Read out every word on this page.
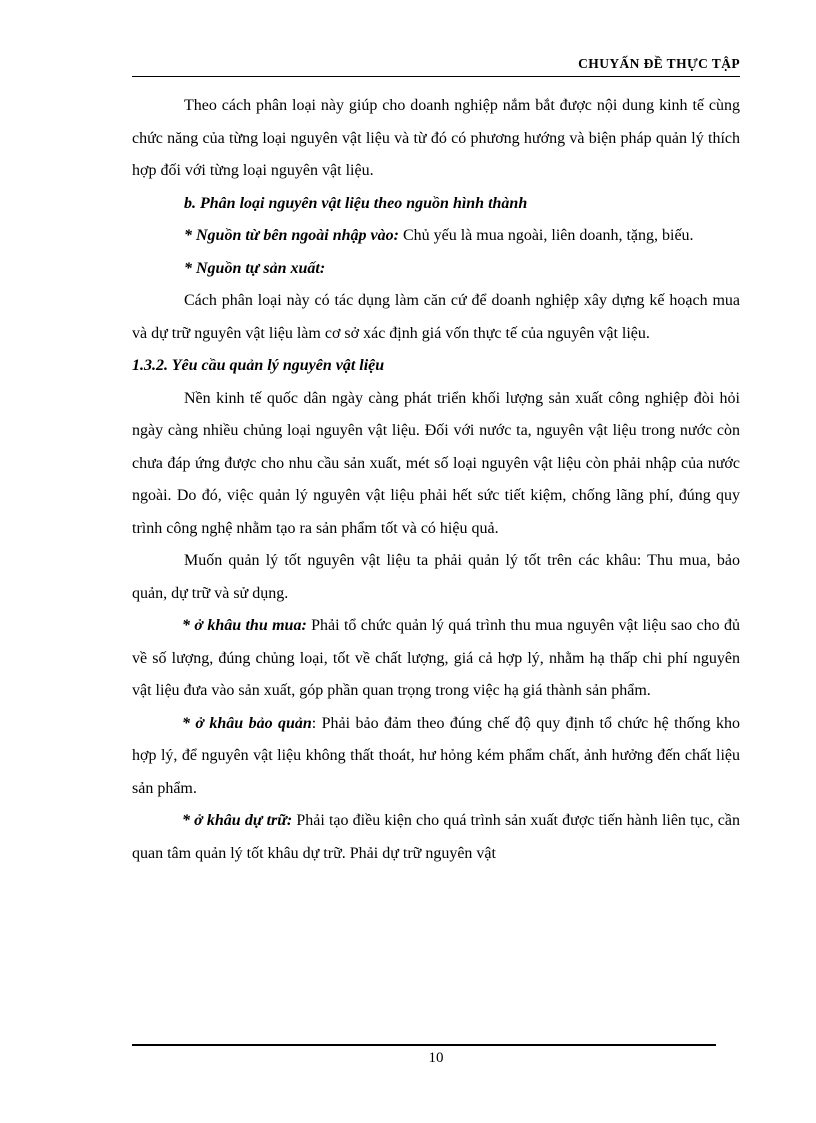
CHUYẤN ĐỀ THỰC TẬP

Theo cách phân loại này giúp cho doanh nghiệp nắm bắt được nội dung kinh tế cùng chức năng của từng loại nguyên vật liệu và từ đó có phương hướng và biện pháp quản lý thích hợp đối với từng loại nguyên vật liệu.

b. Phân loại nguyên vật liệu theo nguồn hình thành

* Nguồn từ bên ngoài nhập vào: Chủ yếu là mua ngoài, liên doanh, tặng, biếu.

* Nguồn tự sản xuất:

Cách phân loại này có tác dụng làm căn cứ để doanh nghiệp xây dựng kế hoạch mua và dự trữ nguyên vật liệu làm cơ sở xác định giá vốn thực tế của nguyên vật liệu.

1.3.2. Yêu cầu quản lý nguyên vật liệu

Nền kinh tế quốc dân ngày càng phát triển khối lượng sản xuất công nghiệp đòi hỏi ngày càng nhiều chủng loại nguyên vật liệu. Đối với nước ta, nguyên vật liệu trong nước còn chưa đáp ứng được cho nhu cầu sản xuất, mét số loại nguyên vật liệu còn phải nhập của nước ngoài. Do đó, việc quản lý nguyên vật liệu phải hết sức tiết kiệm, chống lãng phí, đúng quy trình công nghệ nhằm tạo ra sản phẩm tốt và có hiệu quả.

Muốn quản lý tốt nguyên vật liệu ta phải quản lý tốt trên các khâu: Thu mua, bảo quản, dự trữ và sử dụng.

* ở khâu thu mua: Phải tổ chức quản lý quá trình thu mua nguyên vật liệu sao cho đủ về số lượng, đúng chủng loại, tốt về chất lượng, giá cả hợp lý, nhằm hạ thấp chi phí nguyên vật liệu đưa vào sản xuất, góp phần quan trọng trong việc hạ giá thành sản phẩm.

* ở khâu bảo quản: Phải bảo đảm theo đúng chế độ quy định tổ chức hệ thống kho hợp lý, để nguyên vật liệu không thất thoát, hư hỏng kém phẩm chất, ảnh hưởng đến chất liệu sản phẩm.

* ở khâu dự trữ: Phải tạo điều kiện cho quá trình sản xuất được tiến hành liên tục, cần quan tâm quản lý tốt khâu dự trữ. Phải dự trữ nguyên vật

10
